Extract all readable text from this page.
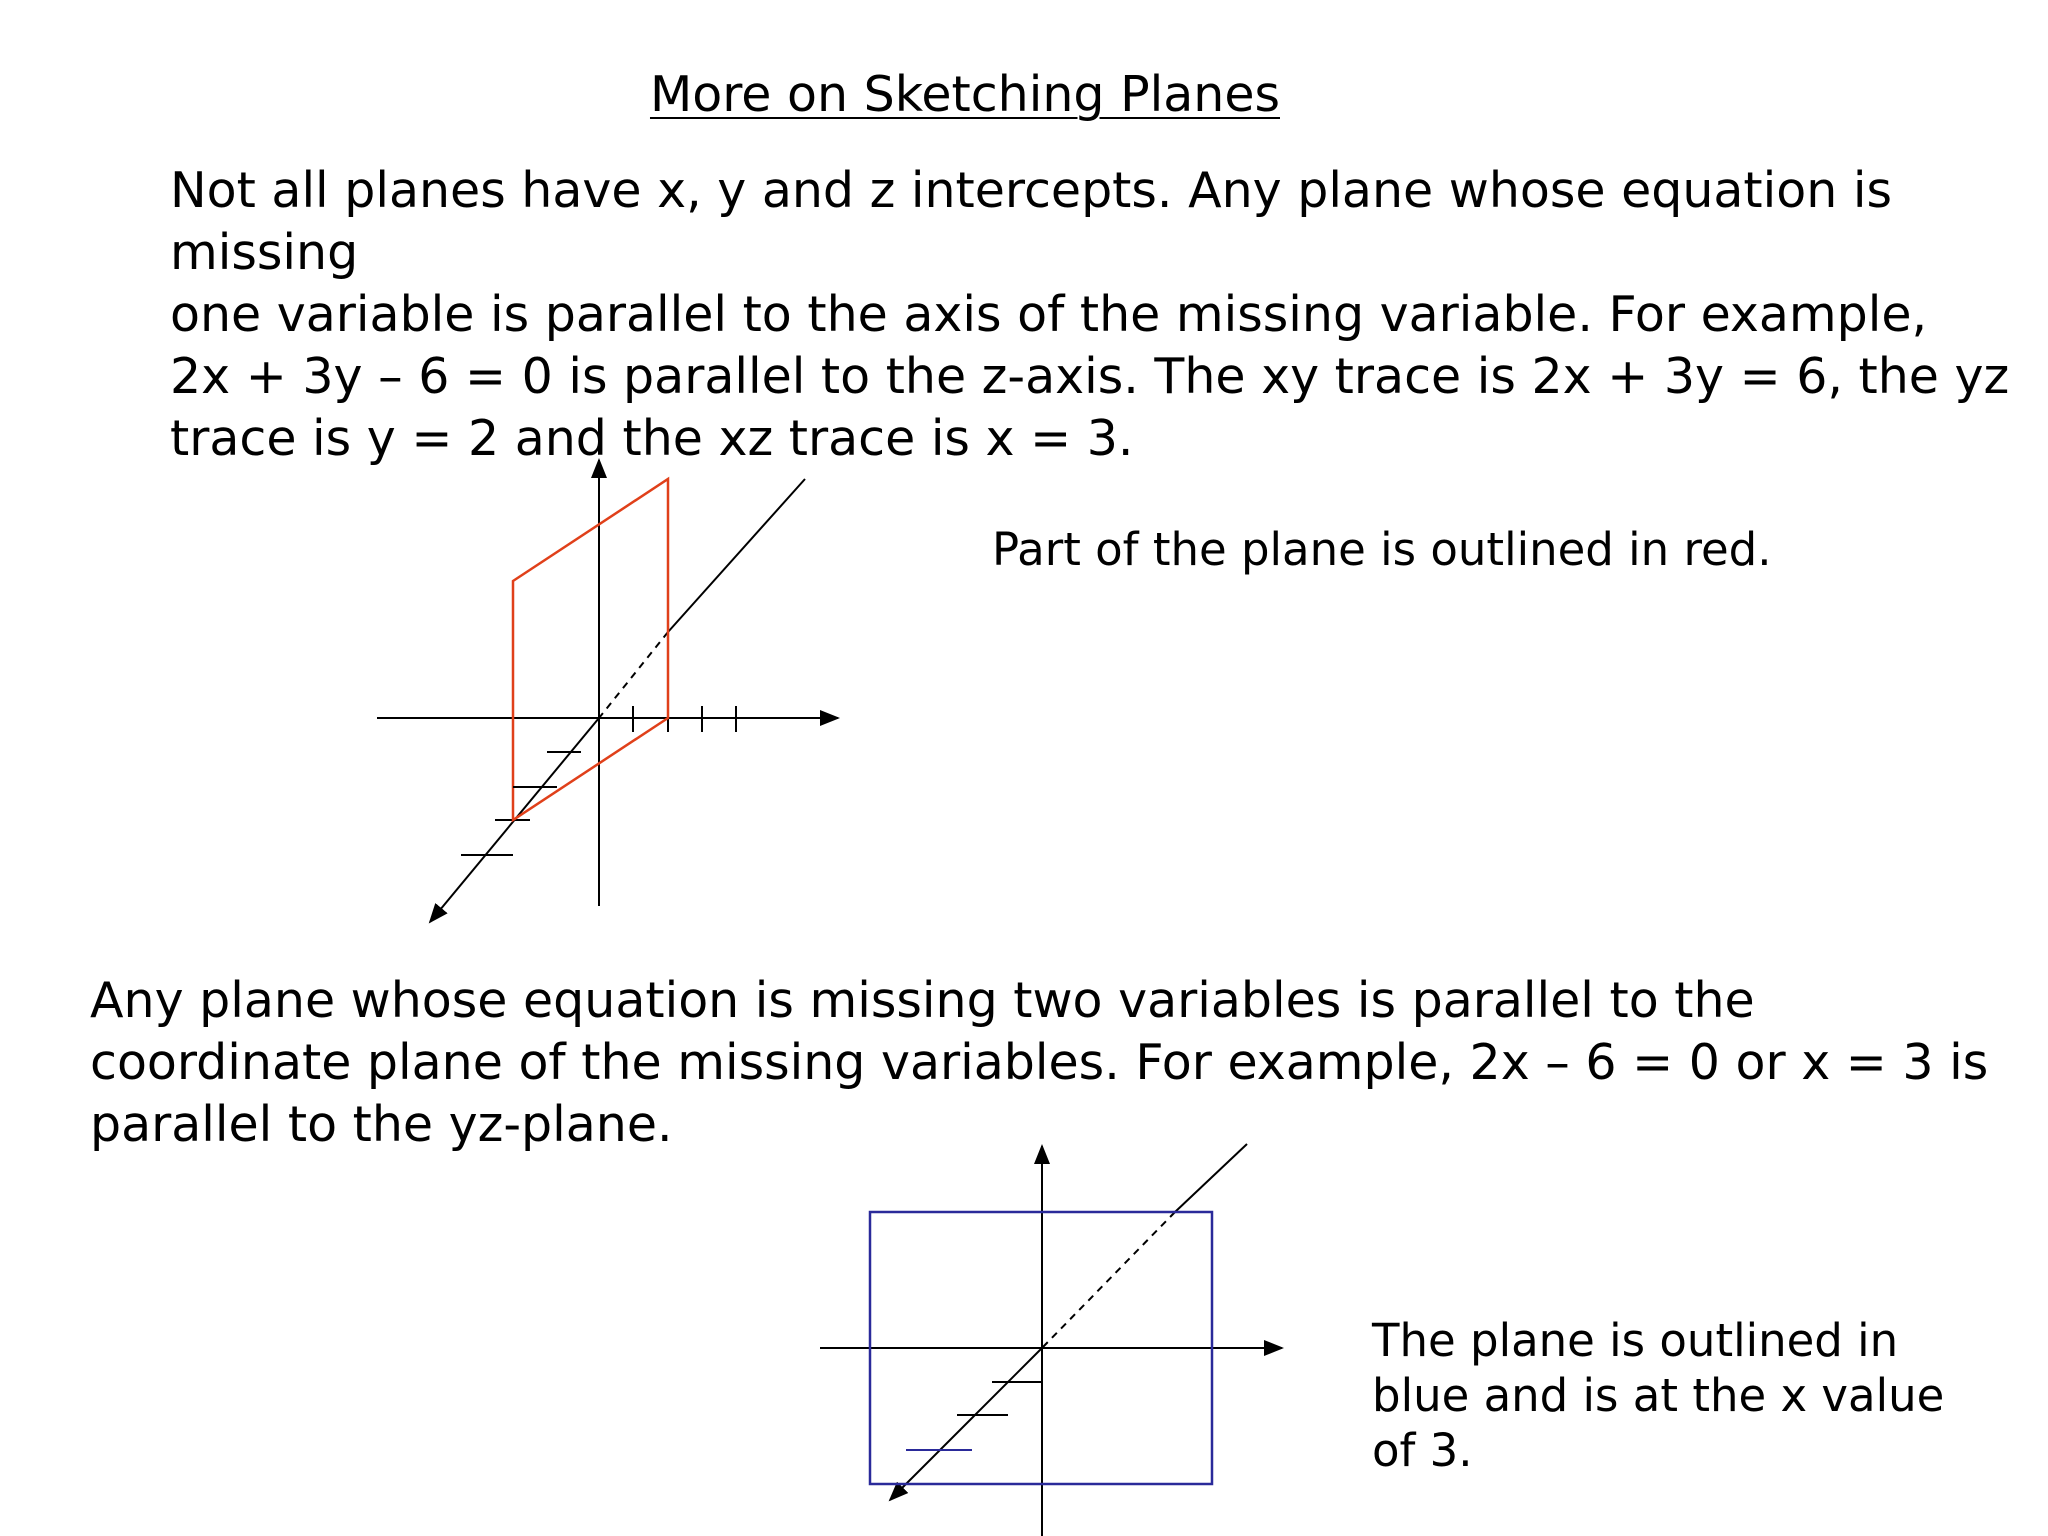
More on Sketching Planes
Not all planes have x, y and z intercepts. Any plane whose equation is missing
one variable is parallel to the axis of the missing variable. For example,
2x + 3y – 6 = 0 is parallel to the z-axis. The xy trace is 2x + 3y = 6, the yz
trace is y = 2 and the xz trace is x = 3.
Part of the plane is outlined in red.
Any plane whose equation is missing two variables is parallel to the
coordinate plane of the missing variables. For example, 2x – 6 = 0 or x = 3 is
parallel to the yz-plane.
The plane is outlined in
blue and is at the x value
of 3.
